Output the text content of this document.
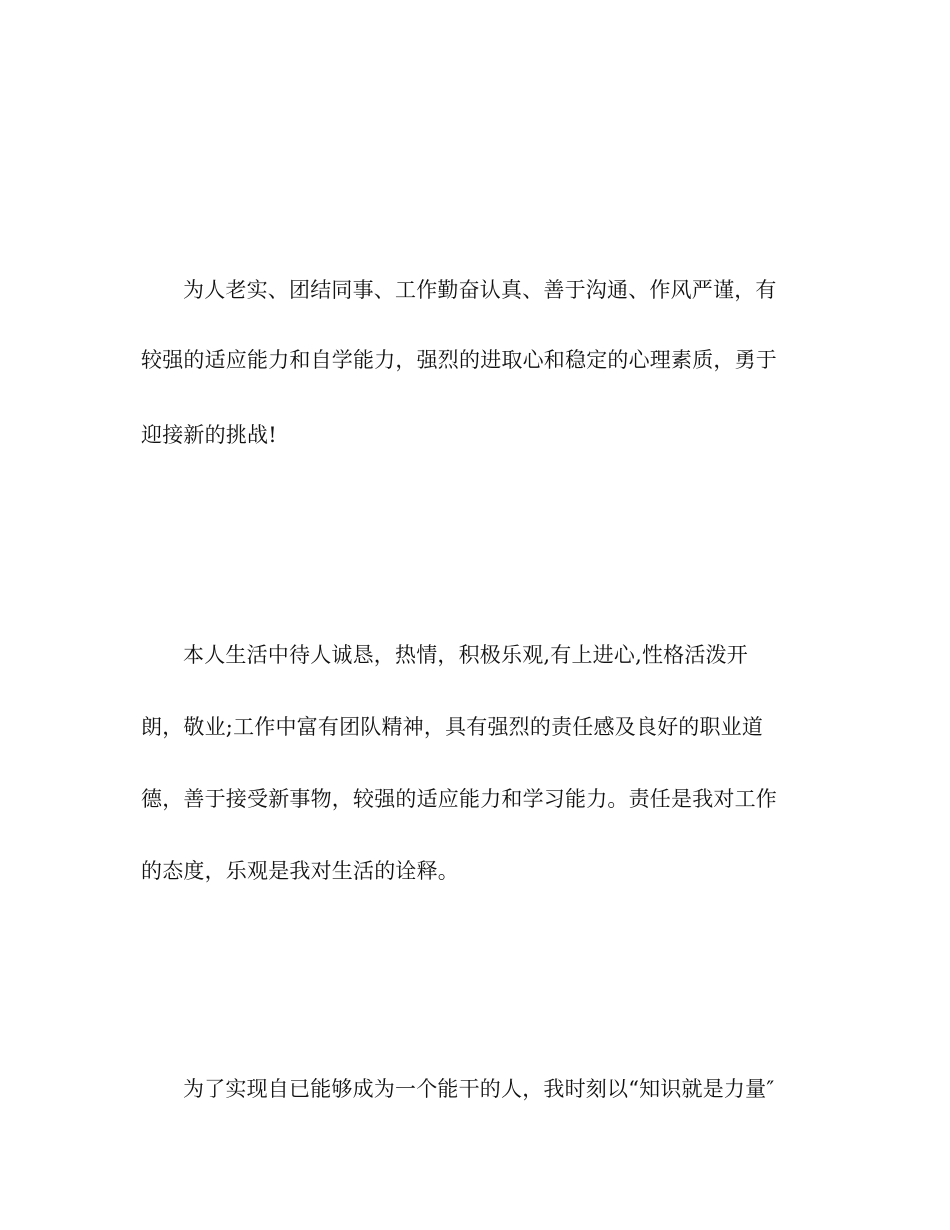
为人老实、团结同事、工作勤奋认真、善于沟通、作风严谨，有
较强的适应能力和自学能力，强烈的进取心和稳定的心理素质，勇于
迎接新的挑战!
本人生活中待人诚恳，热情，积极乐观,有上进心,性格活泼开
朗，敬业;工作中富有团队精神，具有强烈的责任感及良好的职业道
德，善于接受新事物，较强的适应能力和学习能力。责任是我对工作
的态度，乐观是我对生活的诠释。
为了实现自已能够成为一个能干的人，我时刻以“知识就是力量″
